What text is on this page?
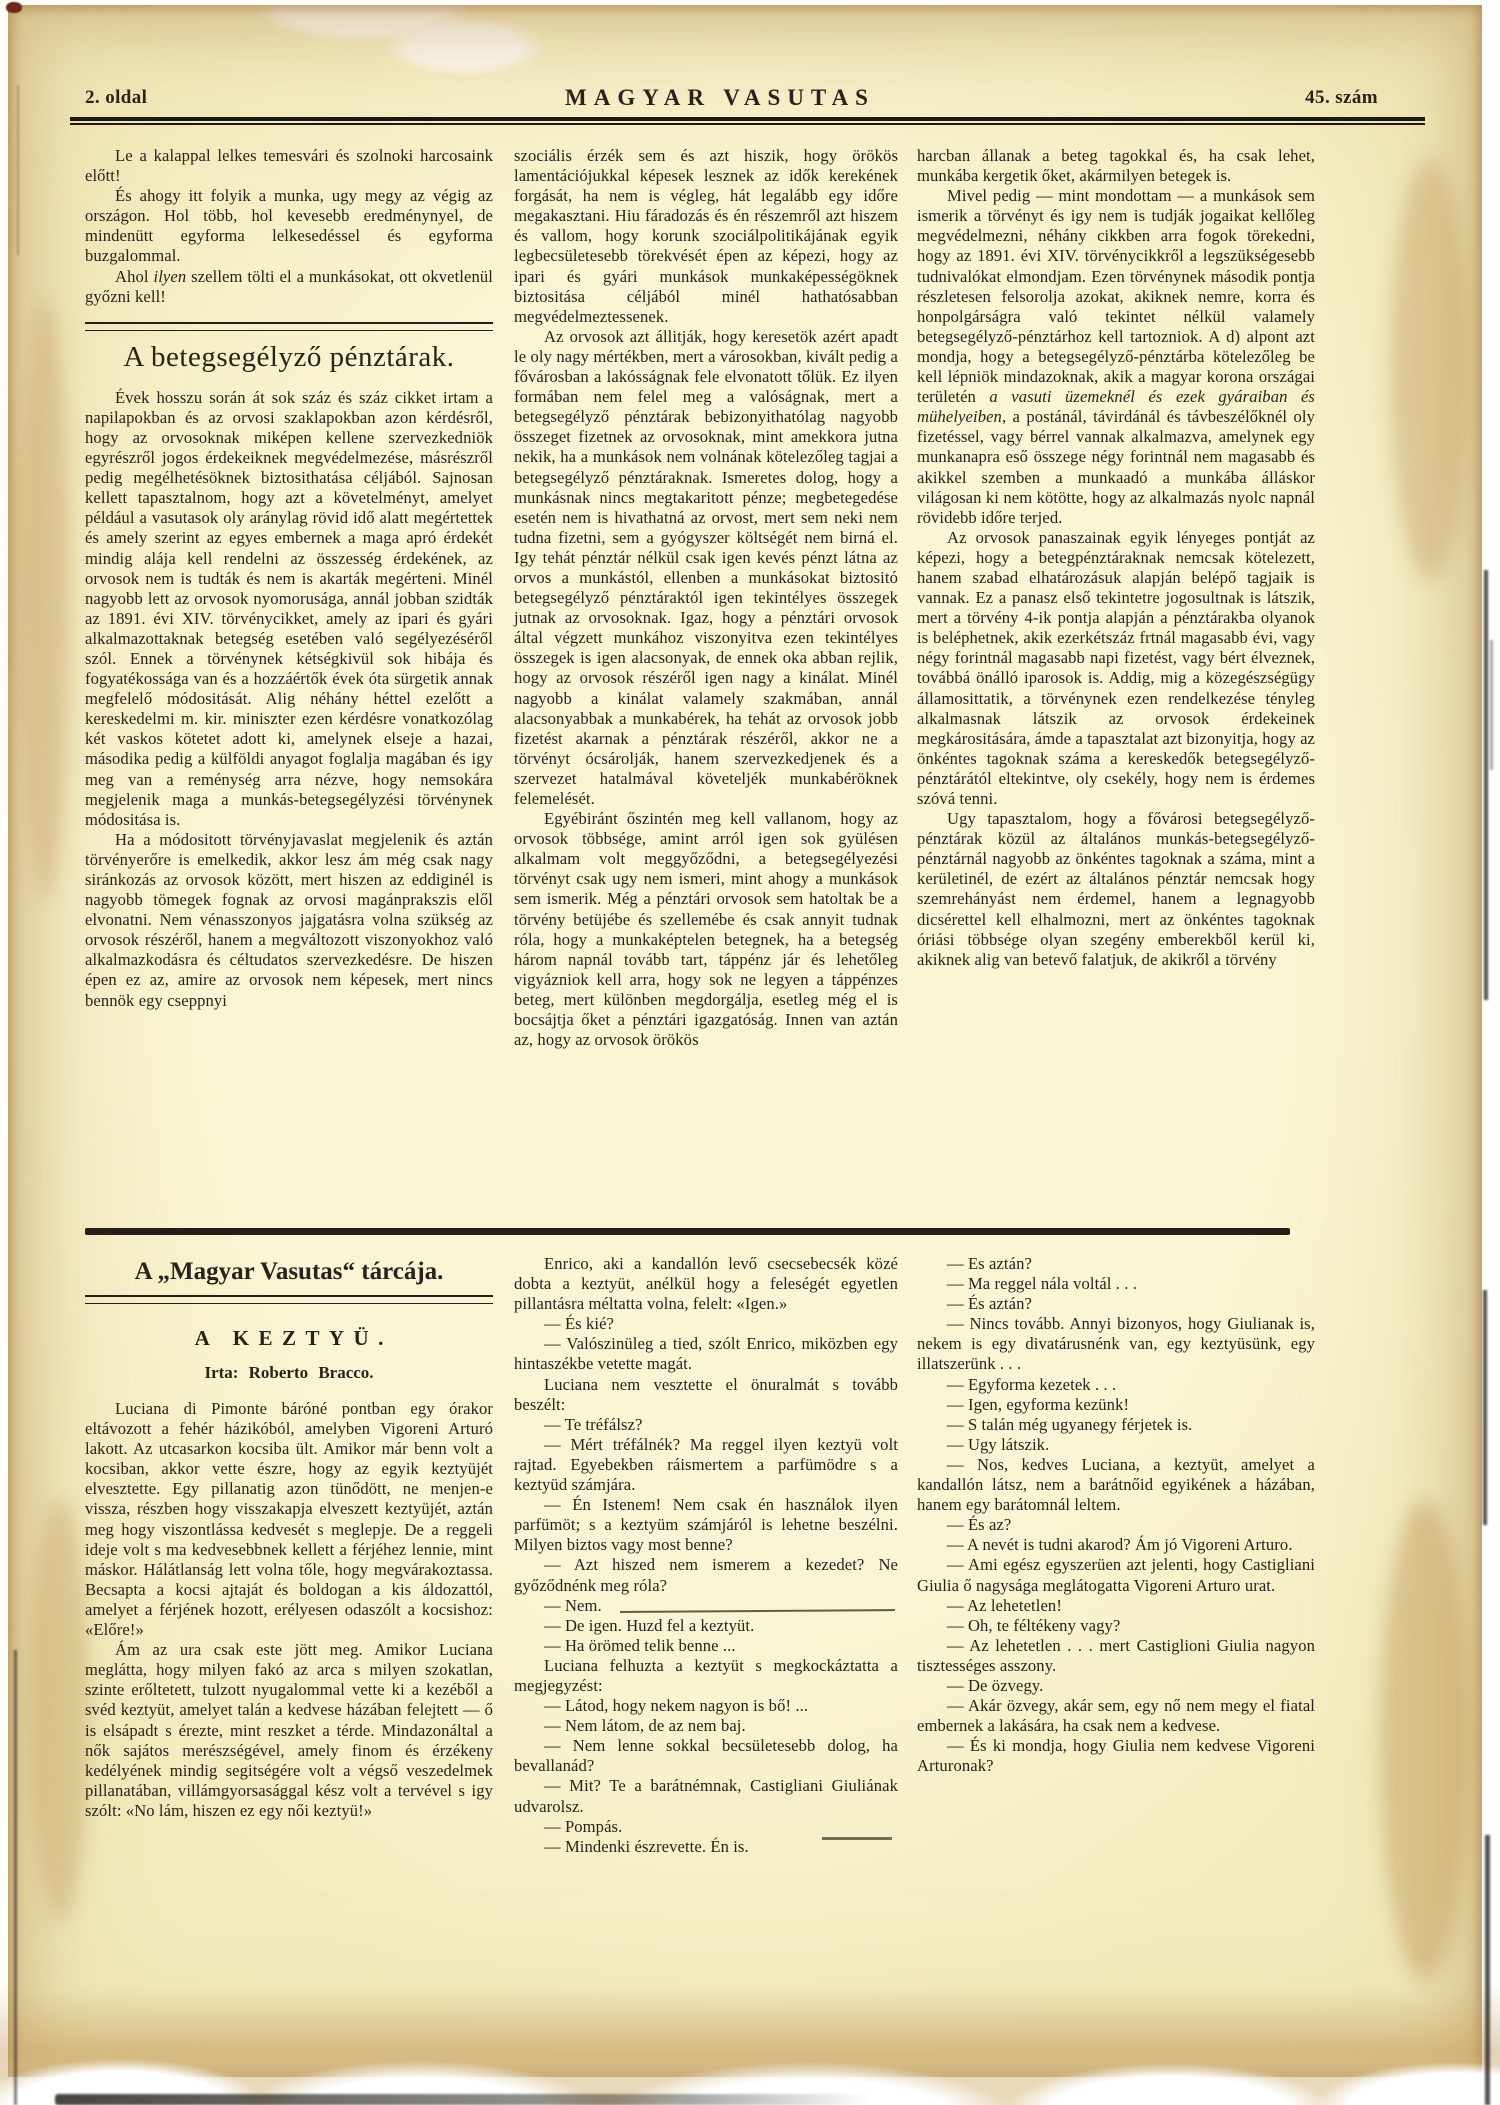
2. oldal	MAGYAR VASUTAS	45. szám

Le a kalappal lelkes temesvári és szolnoki harcosaink előtt!

És ahogy itt folyik a munka, ugy megy az végig az országon. Hol több, hol kevesebb eredménynyel, de mindenütt egyforma lelkesedéssel és egyforma buzgalommal.

Ahol ilyen szellem tölti el a munkásokat, ott okvetlenül győzni kell!

A betegsegélyző pénztárak.

Évek hosszu során át sok száz és száz cikket irtam a napilapokban és az orvosi szaklapokban azon kérdésről, hogy az orvosoknak miképen kellene szervezkedniök egyrészről jogos érdekeiknek megvédelmezése, másrészről pedig megélhetésöknek biztosithatása céljából. Sajnosan kellett tapasztalnom, hogy azt a követelményt, amelyet például a vasutasok oly aránylag rövid idő alatt megértettek és amely szerint az egyes embernek a maga apró érdekét mindig alája kell rendelni az összesség érdekének, az orvosok nem is tudták és nem is akarták megérteni. Minél nagyobb lett az orvosok nyomorusága, annál jobban szidták az 1891. évi XIV. törvénycikket, amely az ipari és gyári alkalmazottaknak betegség esetében való segélyezéséről szól. Ennek a törvénynek kétségkivül sok hibája és fogyatékossága van és a hozzáértők évek óta sürgetik annak megfelelő módositását. Alig néhány héttel ezelőtt a kereskedelmi m. kir. miniszter ezen kérdésre vonatkozólag két vaskos kötetet adott ki, amelynek elseje a hazai, másodika pedig a külföldi anyagot foglalja magában és igy meg van a reménység arra nézve, hogy nemsokára megjelenik maga a munkás-betegsegélyzési törvénynek módositása is.

Ha a módositott törvényjavaslat megjelenik és aztán törvényerőre is emelkedik, akkor lesz ám még csak nagy siránkozás az orvosok között, mert hiszen az eddiginél is nagyobb tömegek fognak az orvosi magánprakszis elől elvonatni. Nem vénasszonyos jajgatásra volna szükség az orvosok részéről, hanem a megváltozott viszonyokhoz való alkalmazkodásra és céltudatos szervezkedésre. De hiszen épen ez az, amire az orvosok nem képesek, mert nincs bennök egy cseppnyi

szociális érzék sem és azt hiszik, hogy örökös lamentációjukkal képesek lesznek az idők kerekének forgását, ha nem is végleg, hát legalább egy időre megakasztani. Hiu fáradozás és én részemről azt hiszem és vallom, hogy korunk szociálpolitikájának egyik legbecsületesebb törekvését épen az képezi, hogy az ipari és gyári munkások munkaképességöknek biztositása céljából minél hathatósabban megvédelmeztessenek.

Az orvosok azt állitják, hogy keresetök azért apadt le oly nagy mértékben, mert a városokban, kivált pedig a fővárosban a lakósságnak fele elvonatott tőlük. Ez ilyen formában nem felel meg a valóságnak, mert a betegsegélyző pénztárak bebizonyithatólag nagyobb összeget fizetnek az orvosoknak, mint amekkora jutna nekik, ha a munkások nem volnának kötelezőleg tagjai a betegsegélyző pénztáraknak. Ismeretes dolog, hogy a munkásnak nincs megtakaritott pénze; megbetegedése esetén nem is hivathatná az orvost, mert sem neki nem tudna fizetni, sem a gyógyszer költségét nem birná el. Igy tehát pénztár nélkül csak igen kevés pénzt látna az orvos a munkástól, ellenben a munkásokat biztositó betegsegélyző pénztáraktól igen tekintélyes összegek jutnak az orvosoknak. Igaz, hogy a pénztári orvosok által végzett munkához viszonyitva ezen tekintélyes összegek is igen alacsonyak, de ennek oka abban rejlik, hogy az orvosok részéről igen nagy a kinálat. Minél nagyobb a kinálat valamely szakmában, annál alacsonyabbak a munkabérek, ha tehát az orvosok jobb fizetést akarnak a pénztárak részéről, akkor ne a törvényt ócsárolják, hanem szervezkedjenek és a szervezet hatalmával követeljék munkabéröknek felemelését.

Egyébiránt őszintén meg kell vallanom, hogy az orvosok többsége, amint arról igen sok gyülésen alkalmam volt meggyőződni, a betegsegélyezési törvényt csak ugy nem ismeri, mint ahogy a munkások sem ismerik. Még a pénztári orvosok sem hatoltak be a törvény betüjébe és szellemébe és csak annyit tudnak róla, hogy a munkaképtelen betegnek, ha a betegség három napnál tovább tart, táppénz jár és lehetőleg vigyázniok kell arra, hogy sok ne legyen a táppénzes beteg, mert különben megdorgálja, esetleg még el is bocsájtja őket a pénztári igazgatóság. Innen van aztán az, hogy az orvosok örökös

harcban állanak a beteg tagokkal és, ha csak lehet, munkába kergetik őket, akármilyen betegek is.

Mivel pedig — mint mondottam — a munkások sem ismerik a törvényt és igy nem is tudják jogaikat kellőleg megvédelmezni, néhány cikkben arra fogok törekedni, hogy az 1891. évi XIV. törvénycikkről a legszükségesebb tudnivalókat elmondjam. Ezen törvénynek második pontja részletesen felsorolja azokat, akiknek nemre, korra és honpolgárságra való tekintet nélkül valamely betegsegélyző-pénztárhoz kell tartozniok. A d) alpont azt mondja, hogy a betegsegélyző-pénztárba kötelezőleg be kell lépniök mindazoknak, akik a magyar korona országai területén a vasuti üzemeknél és ezek gyáraiban és mühelyeiben, a postánál, távirdánál és távbeszélőknél oly fizetéssel, vagy bérrel vannak alkalmazva, amelynek egy munkanapra eső összege négy forintnál nem magasabb és akikkel szemben a munkaadó a munkába álláskor világosan ki nem kötötte, hogy az alkalmazás nyolc napnál rövidebb időre terjed.

Az orvosok panaszainak egyik lényeges pontját az képezi, hogy a betegpénztáraknak nemcsak kötelezett, hanem szabad elhatározásuk alapján belépő tagjaik is vannak. Ez a panasz első tekintetre jogosultnak is látszik, mert a törvény 4-ik pontja alapján a pénztárakba olyanok is beléphetnek, akik ezerkétszáz frtnál magasabb évi, vagy négy forintnál magasabb napi fizetést, vagy bért élveznek, továbbá önálló iparosok is. Addig, mig a közegészségügy államosittatik, a törvénynek ezen rendelkezése tényleg alkalmasnak látszik az orvosok érdekeinek megkárositására, ámde a tapasztalat azt bizonyitja, hogy az önkéntes tagoknak száma a kereskedők betegsegélyző-pénztárától eltekintve, oly csekély, hogy nem is érdemes szóvá tenni.

Ugy tapasztalom, hogy a fővárosi betegsegélyző-pénztárak közül az általános munkás-betegsegélyző-pénztárnál nagyobb az önkéntes tagoknak a száma, mint a kerületinél, de ezért az általános pénztár nemcsak hogy szemrehányást nem érdemel, hanem a legnagyobb dicsérettel kell elhalmozni, mert az önkéntes tagoknak óriási többsége olyan szegény emberekből kerül ki, akiknek alig van betevő falatjuk, de akikről a törvény

A „Magyar Vasutas“ tárcája.
A KEZTYÜ.
Irta: Roberto Bracco.

Luciana di Pimonte báróné pontban egy órakor eltávozott a fehér házikóból, amelyben Vigoreni Arturó lakott. Az utcasarkon kocsiba ült. Amikor már benn volt a kocsiban, akkor vette észre, hogy az egyik keztyüjét elvesztette. Egy pillanatig azon tünődött, ne menjen-e vissza, részben hogy visszakapja elveszett keztyüjét, aztán meg hogy viszontlássa kedvesét s meglepje. De a reggeli ideje volt s ma kedvesebbnek kellett a férjéhez lennie, mint máskor. Hálátlanság lett volna tőle, hogy megvárakoztassa. Becsapta a kocsi ajtaját és boldogan a kis áldozattól, amelyet a férjének hozott, erélyesen odaszólt a kocsishoz: «Előre!»

Ám az ura csak este jött meg. Amikor Luciana meglátta, hogy milyen fakó az arca s milyen szokatlan, szinte erőltetett, tulzott nyugalommal vette ki a kezéből a svéd keztyüt, amelyet talán a kedvese házában felejtett — ő is elsápadt s érezte, mint reszket a térde. Mindazonáltal a nők sajátos merészségével, amely finom és érzékeny kedélyének mindig segitségére volt a végső veszedelmek pillanatában, villámgyorsasággal kész volt a tervével s igy szólt: «No lám, hiszen ez egy női keztyü!»

Enrico, aki a kandallón levő csecsebecsék közé dobta a keztyüt, anélkül hogy a feleségét egyetlen pillantásra méltatta volna, felelt: «Igen.»

— És kié?

— Valószinüleg a tied, szólt Enrico, miközben egy hintaszékbe vetette magát.

Luciana nem vesztette el önuralmát s tovább beszélt:

— Te tréfálsz?

— Mért tréfálnék? Ma reggel ilyen keztyü volt rajtad. Egyebekben ráismertem a parfümödre s a keztyüd számjára.

— Én Istenem! Nem csak én használok ilyen parfümöt; s a keztyüm számjáról is lehetne beszélni. Milyen biztos vagy most benne?

— Azt hiszed nem ismerem a kezedet? Ne győződnénk meg róla?

— Nem.

— De igen. Huzd fel a keztyüt.

— Ha örömed telik benne ...

Luciana felhuzta a keztyüt s megkockáztatta a megjegyzést:

— Látod, hogy nekem nagyon is bő! ...

— Nem látom, de az nem baj.

— Nem lenne sokkal becsületesebb dolog, ha bevallanád?

— Mit? Te a barátnémnak, Castigliani Giuliának udvarolsz.

— Pompás.

— Mindenki észrevette. Én is.

— Es aztán?

— Ma reggel nála voltál . . .

— És aztán?

— Nincs tovább. Annyi bizonyos, hogy Giulianak is, nekem is egy divatárusnénk van, egy keztyüsünk, egy illatszerünk . . .

— Egyforma kezetek . . .

— Igen, egyforma kezünk!

— S talán még ugyanegy férjetek is.

— Ugy látszik.

— Nos, kedves Luciana, a keztyüt, amelyet a kandallón látsz, nem a barátnőid egyikének a házában, hanem egy barátomnál leltem.

— És az?

— A nevét is tudni akarod? Ám jó Vigoreni Arturo.

— Ami egész egyszerüen azt jelenti, hogy Castigliani Giulia ő nagysága meglátogatta Vigoreni Arturo urat.

— Az lehetetlen!

— Oh, te féltékeny vagy?

— Az lehetetlen . . . mert Castiglioni Giulia nagyon tisztességes asszony.

— De özvegy.

— Akár özvegy, akár sem, egy nő nem megy el fiatal embernek a lakására, ha csak nem a kedvese.

— És ki mondja, hogy Giulia nem kedvese Vigoreni Arturonak?
